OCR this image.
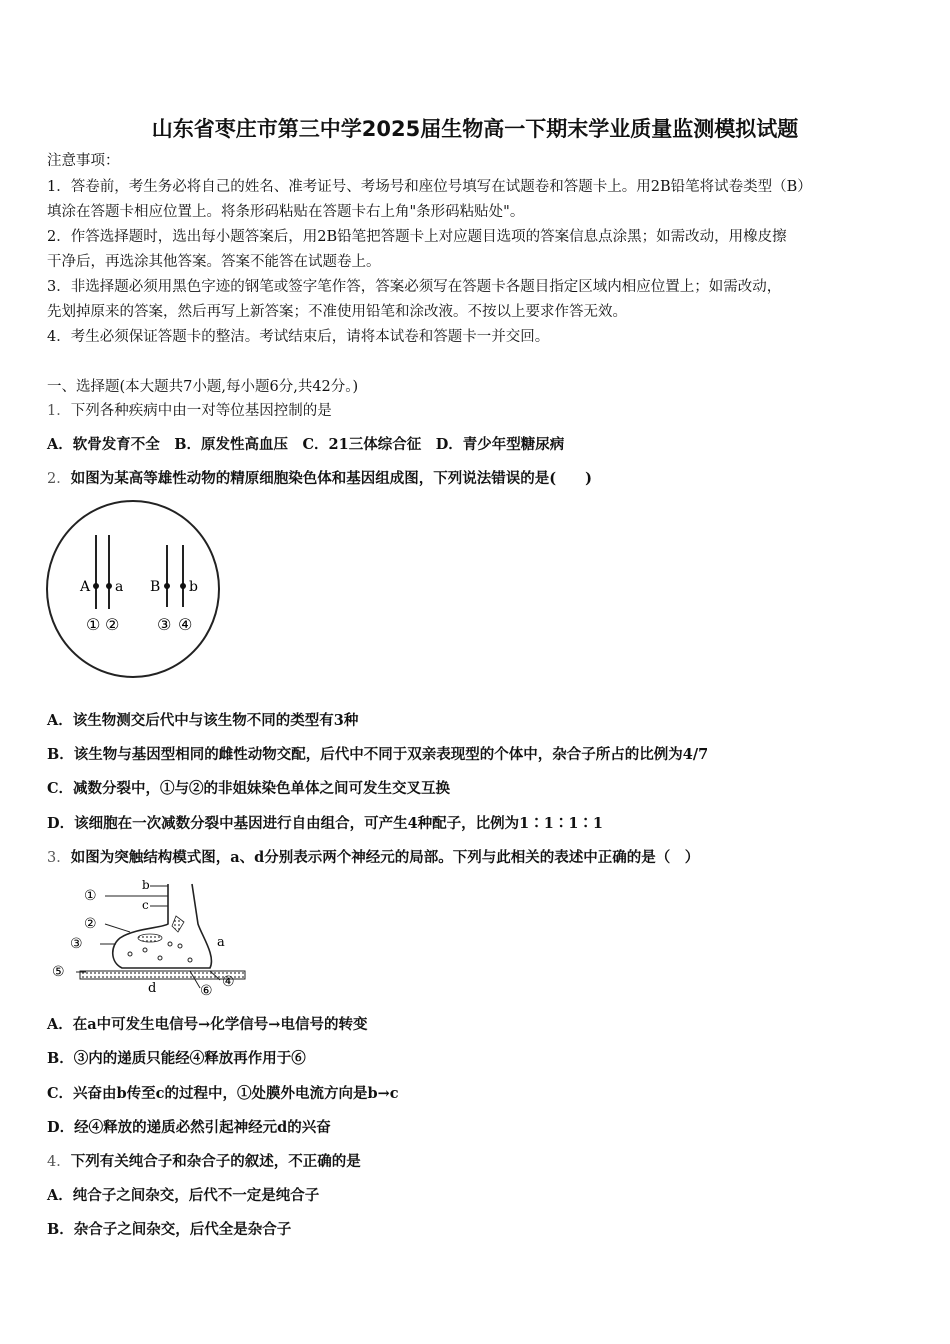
山东省枣庄市第三中学2025届生物高一下期末学业质量监测模拟试题
注意事项：
1．答卷前，考生务必将自己的姓名、准考证号、考场号和座位号填写在试题卷和答题卡上。用2B铅笔将试卷类型（B）
填涂在答题卡相应位置上。将条形码粘贴在答题卡右上角"条形码粘贴处"。
2．作答选择题时，选出每小题答案后，用2B铅笔把答题卡上对应题目选项的答案信息点涂黑；如需改动，用橡皮擦
干净后，再选涂其他答案。答案不能答在试题卷上。
3．非选择题必须用黑色字迹的钢笔或签字笔作答，答案必须写在答题卡各题目指定区域内相应位置上；如需改动，
先划掉原来的答案，然后再写上新答案；不准使用铅笔和涂改液。不按以上要求作答无效。
4．考生必须保证答题卡的整洁。考试结束后，请将本试卷和答题卡一并交回。
一、选择题(本大题共7小题,每小题6分,共42分。)
1．下列各种疾病中由一对等位基因控制的是
A．软骨发育不全　B．原发性高血压　C．21三体综合征　D．青少年型糖尿病
2．如图为某高等雄性动物的精原细胞染色体和基因组成图，下列说法错误的是(　　)
A a B b
① ② ③ ④
A．该生物测交后代中与该生物不同的类型有3种
B．该生物与基因型相同的雌性动物交配，后代中不同于双亲表现型的个体中，杂合子所占的比例为4/7
C．减数分裂中，①与②的非姐妹染色单体之间可发生交叉互换
D．该细胞在一次减数分裂中基因进行自由组合，可产生4种配子，比例为1∶1∶1∶1
3．如图为突触结构模式图，a、d分别表示两个神经元的局部。下列与此相关的表述中正确的是（　）
b
c
a
d
①
②
③
④
⑤
⑥
A．在a中可发生电信号→化学信号→电信号的转变
B．③内的递质只能经④释放再作用于⑥
C．兴奋由b传至c的过程中，①处膜外电流方向是b→c
D．经④释放的递质必然引起神经元d的兴奋
4．下列有关纯合子和杂合子的叙述，不正确的是
A．纯合子之间杂交，后代不一定是纯合子
B．杂合子之间杂交，后代全是杂合子
